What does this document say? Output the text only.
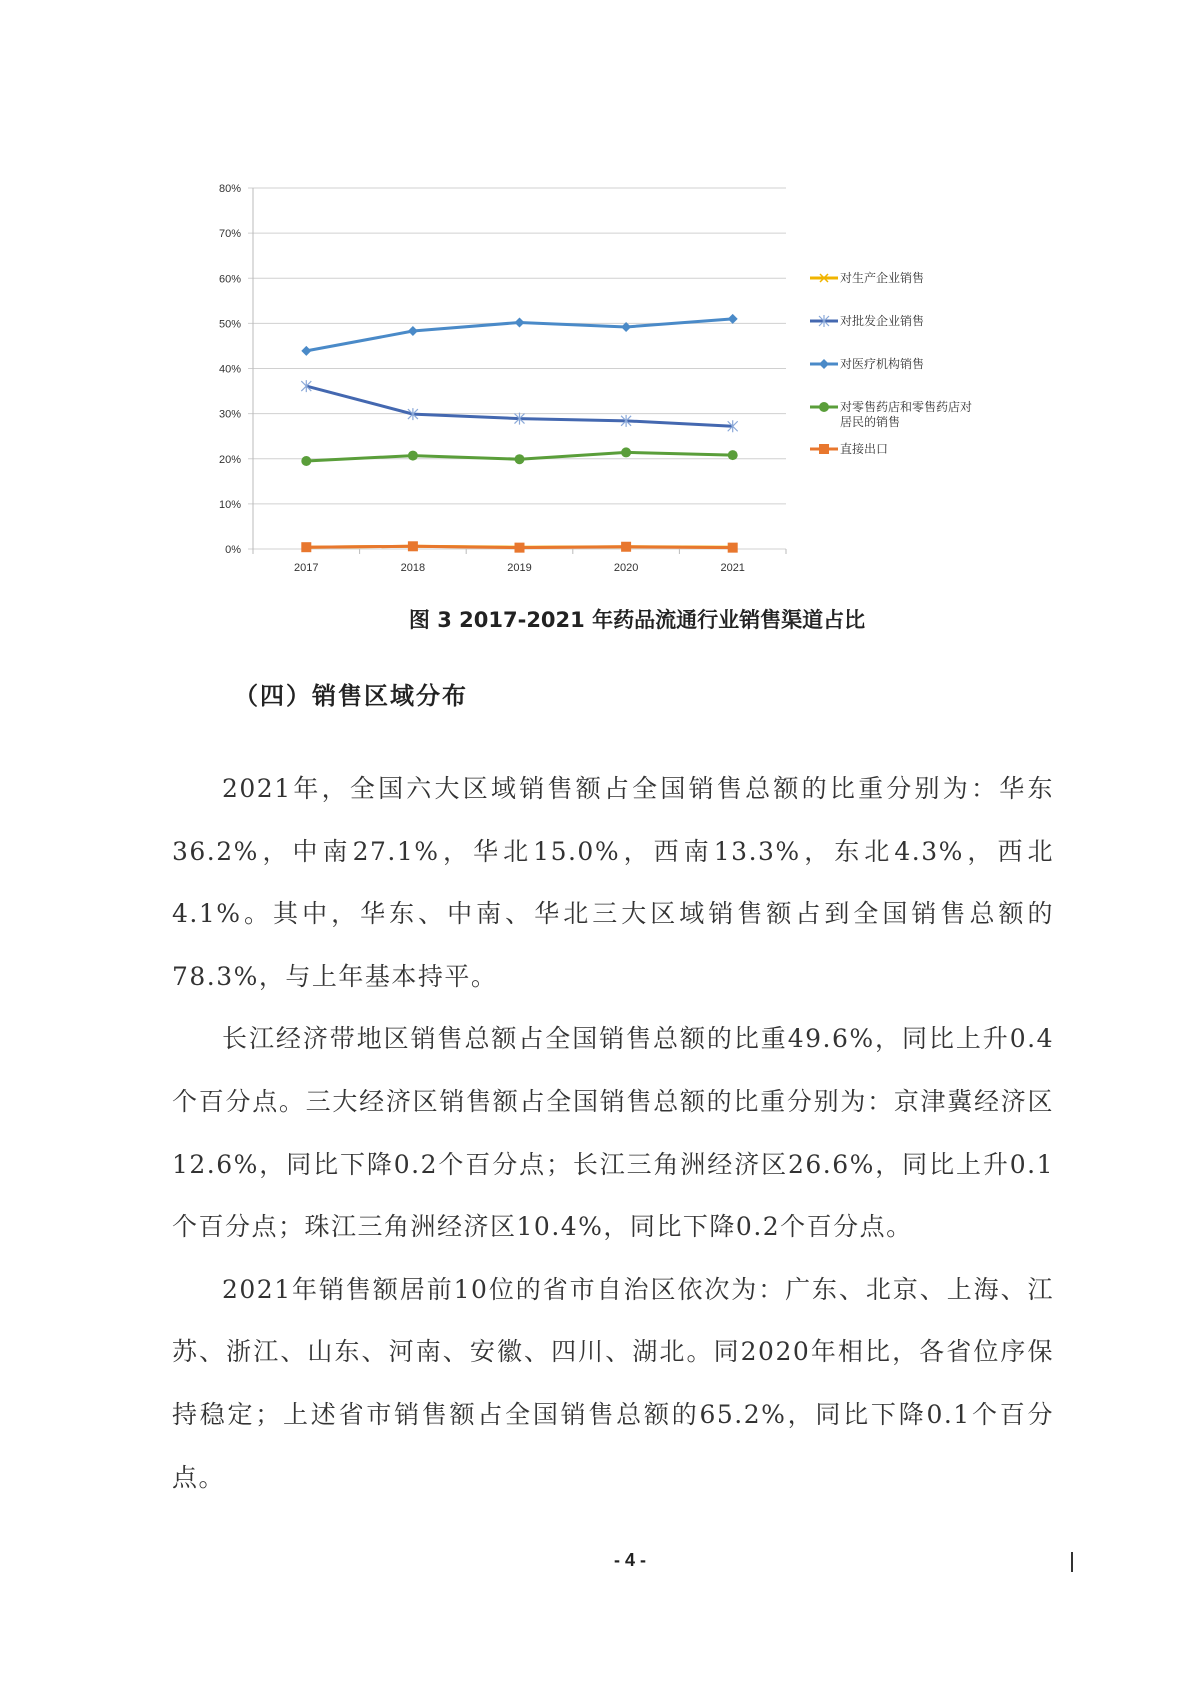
0%
10%
20%
30%
40%
50%
60%
70%
80%
2017	2018	2019	2020	2021
对生产企业销售
对批发企业销售
对医疗机构销售
对零售药店和零售药店对
居民的销售
直接出口
图 3 2017-2021 年药品流通行业销售渠道占比
（四）销售区域分布

2021年，全国六大区域销售额占全国销售总额的比重分别为：华东36.2%，中南27.1%，华北15.0%，西南13.3%，东北4.3%，西北4.1%。其中，华东、中南、华北三大区域销售额占到全国销售总额的78.3%，与上年基本持平。

长江经济带地区销售总额占全国销售总额的比重49.6%，同比上升0.4个百分点。三大经济区销售额占全国销售总额的比重分别为：京津冀经济区12.6%，同比下降0.2个百分点；长江三角洲经济区26.6%，同比上升0.1个百分点；珠江三角洲经济区10.4%，同比下降0.2个百分点。

2021年销售额居前10位的省市自治区依次为：广东、北京、上海、江苏、浙江、山东、河南、安徽、四川、湖北。同2020年相比，各省位序保持稳定；上述省市销售额占全国销售总额的65.2%，同比下降0.1个百分点。

- 4 -
